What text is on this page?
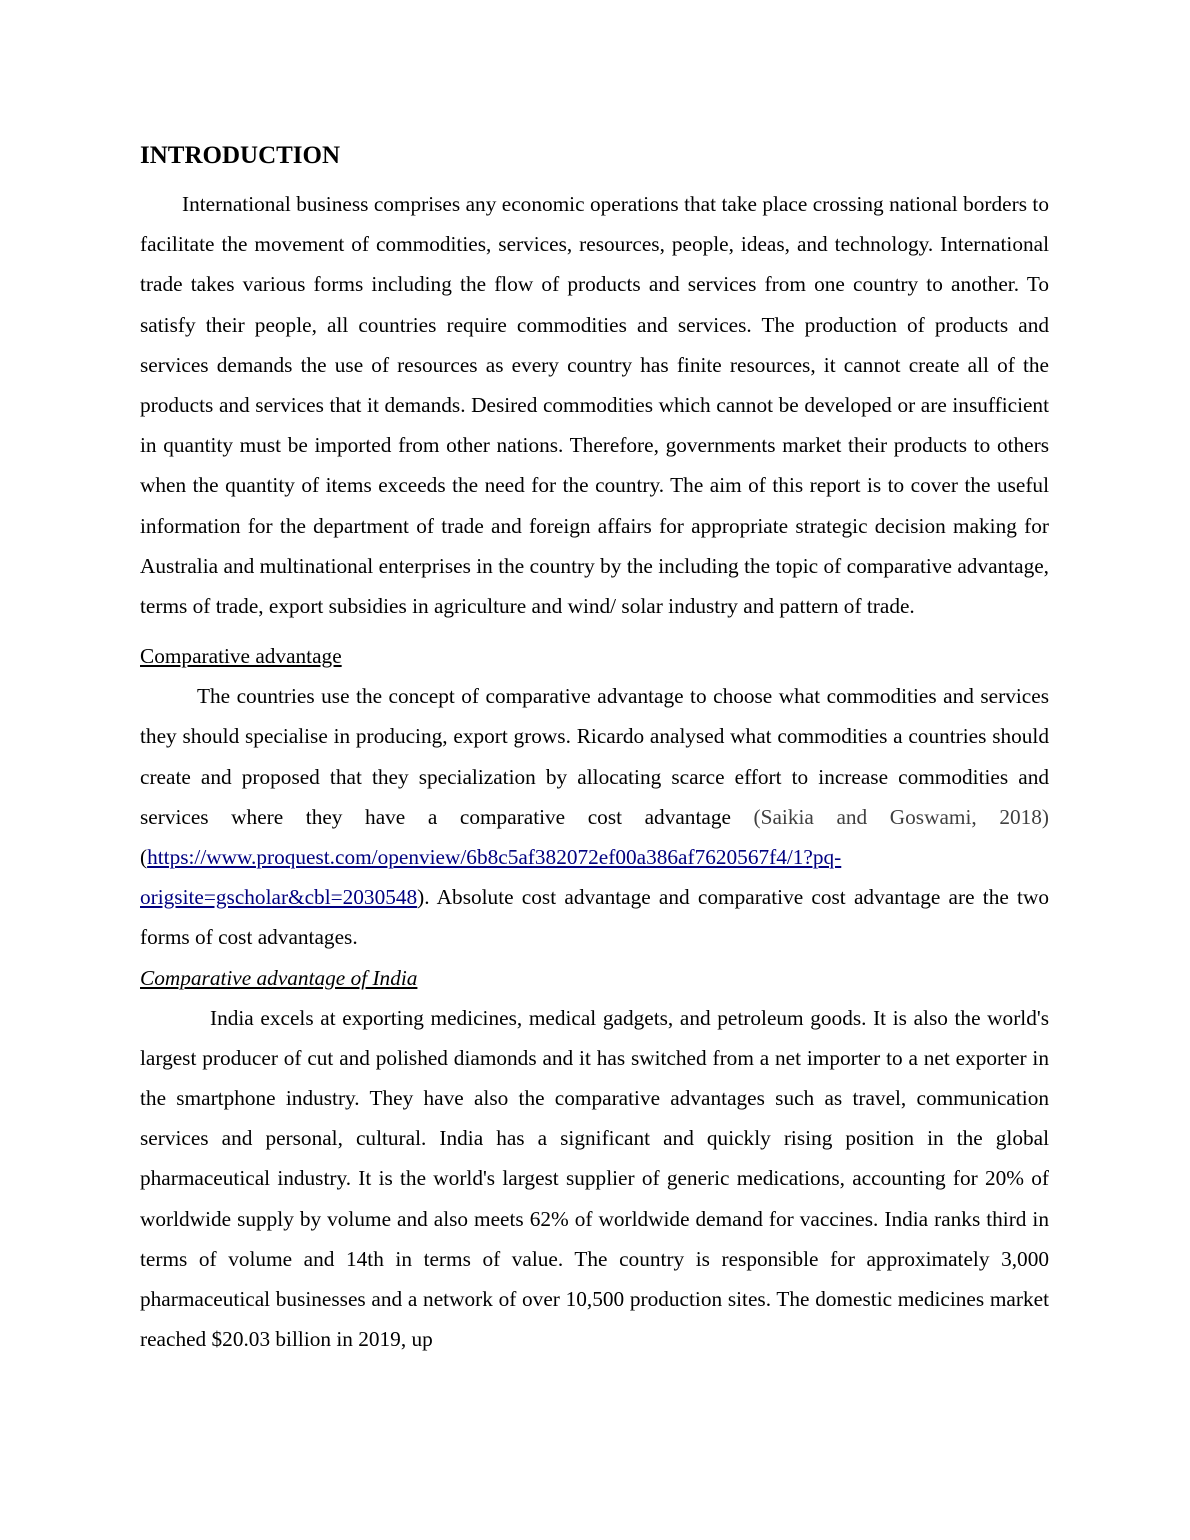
INTRODUCTION

International business comprises any economic operations that take place crossing national borders to facilitate the movement of commodities, services, resources, people, ideas, and technology. International trade takes various forms including the flow of products and services from one country to another. To satisfy their people, all countries require commodities and services. The production of products and services demands the use of resources as every country has finite resources, it cannot create all of the products and services that it demands. Desired commodities which cannot be developed or are insufficient in quantity must be imported from other nations. Therefore, governments market their products to others when the quantity of items exceeds the need for the country. The aim of this report is to cover the useful information for the department of trade and foreign affairs for appropriate strategic decision making for Australia and multinational enterprises in the country by the including the topic of comparative advantage, terms of trade, export subsidies in agriculture and wind/ solar industry and pattern of trade.

Comparative advantage

The countries use the concept of comparative advantage to choose what commodities and services they should specialise in producing, export grows. Ricardo analysed what commodities a countries should create and proposed that they specialization by allocating scarce effort to increase commodities and services where they have a comparative cost advantage (Saikia and Goswami, 2018)(https://www.proquest.com/openview/6b8c5af382072ef00a386af7620567f4/1?pq-origsite=gscholar&cbl=2030548). Absolute cost advantage and comparative cost advantage are the two forms of cost advantages.

Comparative advantage of India

India excels at exporting medicines, medical gadgets, and petroleum goods. It is also the world's largest producer of cut and polished diamonds and it has switched from a net importer to a net exporter in the smartphone industry. They have also the comparative advantages such as travel, communication services and personal, cultural. India has a significant and quickly rising position in the global pharmaceutical industry. It is the world's largest supplier of generic medications, accounting for 20% of worldwide supply by volume and also meets 62% of worldwide demand for vaccines. India ranks third in terms of volume and 14th in terms of value. The country is responsible for approximately 3,000 pharmaceutical businesses and a network of over 10,500 production sites. The domestic medicines market reached $20.03 billion in 2019, up
